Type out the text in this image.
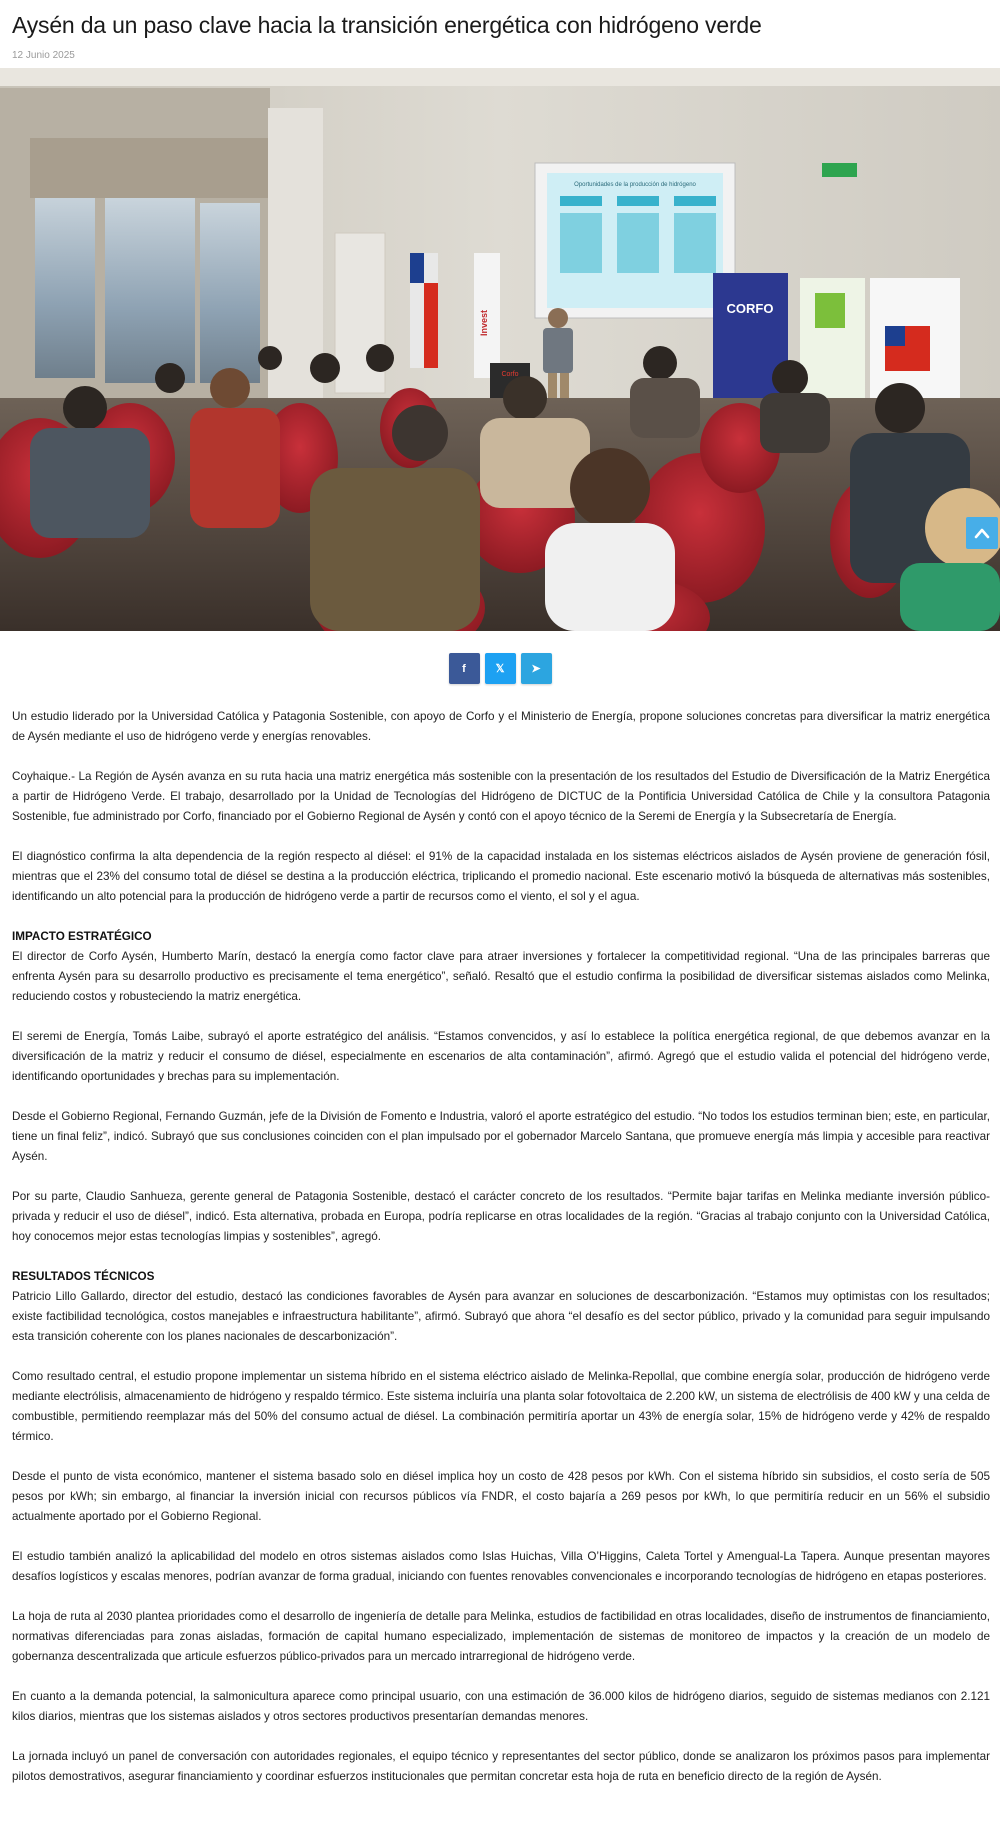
Aysén da un paso clave hacia la transición energética con hidrógeno verde
12 Junio 2025
Oportunidades de la producción de hidrógeno
Invest
CORFO
Corfo
f	𝕏 ➤

Un estudio liderado por la Universidad Católica y Patagonia Sostenible, con apoyo de Corfo y el Ministerio de Energía, propone soluciones concretas para diversificar la matriz energética de Aysén mediante el uso de hidrógeno verde y energías renovables.

Coyhaique.- La Región de Aysén avanza en su ruta hacia una matriz energética más sostenible con la presentación de los resultados del Estudio de Diversificación de la Matriz Energética a partir de Hidrógeno Verde. El trabajo, desarrollado por la Unidad de Tecnologías del Hidrógeno de DICTUC de la Pontificia Universidad Católica de Chile y la consultora Patagonia Sostenible, fue administrado por Corfo, financiado por el Gobierno Regional de Aysén y contó con el apoyo técnico de la Seremi de Energía y la Subsecretaría de Energía.

El diagnóstico confirma la alta dependencia de la región respecto al diésel: el 91% de la capacidad instalada en los sistemas eléctricos aislados de Aysén proviene de generación fósil, mientras que el 23% del consumo total de diésel se destina a la producción eléctrica, triplicando el promedio nacional. Este escenario motivó la búsqueda de alternativas más sostenibles, identificando un alto potencial para la producción de hidrógeno verde a partir de recursos como el viento, el sol y el agua.

IMPACTO ESTRATÉGICO

El director de Corfo Aysén, Humberto Marín, destacó la energía como factor clave para atraer inversiones y fortalecer la competitividad regional. “Una de las principales barreras que enfrenta Aysén para su desarrollo productivo es precisamente el tema energético”, señaló. Resaltó que el estudio confirma la posibilidad de diversificar sistemas aislados como Melinka, reduciendo costos y robusteciendo la matriz energética.

El seremi de Energía, Tomás Laibe, subrayó el aporte estratégico del análisis. “Estamos convencidos, y así lo establece la política energética regional, de que debemos avanzar en la diversificación de la matriz y reducir el consumo de diésel, especialmente en escenarios de alta contaminación”, afirmó. Agregó que el estudio valida el potencial del hidrógeno verde, identificando oportunidades y brechas para su implementación.

Desde el Gobierno Regional, Fernando Guzmán, jefe de la División de Fomento e Industria, valoró el aporte estratégico del estudio. “No todos los estudios terminan bien; este, en particular, tiene un final feliz”, indicó. Subrayó que sus conclusiones coinciden con el plan impulsado por el gobernador Marcelo Santana, que promueve energía más limpia y accesible para reactivar Aysén.

Por su parte, Claudio Sanhueza, gerente general de Patagonia Sostenible, destacó el carácter concreto de los resultados. “Permite bajar tarifas en Melinka mediante inversión público-privada y reducir el uso de diésel”, indicó. Esta alternativa, probada en Europa, podría replicarse en otras localidades de la región. “Gracias al trabajo conjunto con la Universidad Católica, hoy conocemos mejor estas tecnologías limpias y sostenibles”, agregó.

RESULTADOS TÉCNICOS

Patricio Lillo Gallardo, director del estudio, destacó las condiciones favorables de Aysén para avanzar en soluciones de descarbonización. “Estamos muy optimistas con los resultados; existe factibilidad tecnológica, costos manejables e infraestructura habilitante”, afirmó. Subrayó que ahora “el desafío es del sector público, privado y la comunidad para seguir impulsando esta transición coherente con los planes nacionales de descarbonización”.

Como resultado central, el estudio propone implementar un sistema híbrido en el sistema eléctrico aislado de Melinka-Repollal, que combine energía solar, producción de hidrógeno verde mediante electrólisis, almacenamiento de hidrógeno y respaldo térmico. Este sistema incluiría una planta solar fotovoltaica de 2.200 kW, un sistema de electrólisis de 400 kW y una celda de combustible, permitiendo reemplazar más del 50% del consumo actual de diésel. La combinación permitiría aportar un 43% de energía solar, 15% de hidrógeno verde y 42% de respaldo térmico.

Desde el punto de vista económico, mantener el sistema basado solo en diésel implica hoy un costo de 428 pesos por kWh. Con el sistema híbrido sin subsidios, el costo sería de 505 pesos por kWh; sin embargo, al financiar la inversión inicial con recursos públicos vía FNDR, el costo bajaría a 269 pesos por kWh, lo que permitiría reducir en un 56% el subsidio actualmente aportado por el Gobierno Regional.

El estudio también analizó la aplicabilidad del modelo en otros sistemas aislados como Islas Huichas, Villa O’Higgins, Caleta Tortel y Amengual-La Tapera. Aunque presentan mayores desafíos logísticos y escalas menores, podrían avanzar de forma gradual, iniciando con fuentes renovables convencionales e incorporando tecnologías de hidrógeno en etapas posteriores.

La hoja de ruta al 2030 plantea prioridades como el desarrollo de ingeniería de detalle para Melinka, estudios de factibilidad en otras localidades, diseño de instrumentos de financiamiento, normativas diferenciadas para zonas aisladas, formación de capital humano especializado, implementación de sistemas de monitoreo de impactos y la creación de un modelo de gobernanza descentralizada que articule esfuerzos público-privados para un mercado intrarregional de hidrógeno verde.

En cuanto a la demanda potencial, la salmonicultura aparece como principal usuario, con una estimación de 36.000 kilos de hidrógeno diarios, seguido de sistemas medianos con 2.121 kilos diarios, mientras que los sistemas aislados y otros sectores productivos presentarían demandas menores.

La jornada incluyó un panel de conversación con autoridades regionales, el equipo técnico y representantes del sector público, donde se analizaron los próximos pasos para implementar pilotos demostrativos, asegurar financiamiento y coordinar esfuerzos institucionales que permitan concretar esta hoja de ruta en beneficio directo de la región de Aysén.
